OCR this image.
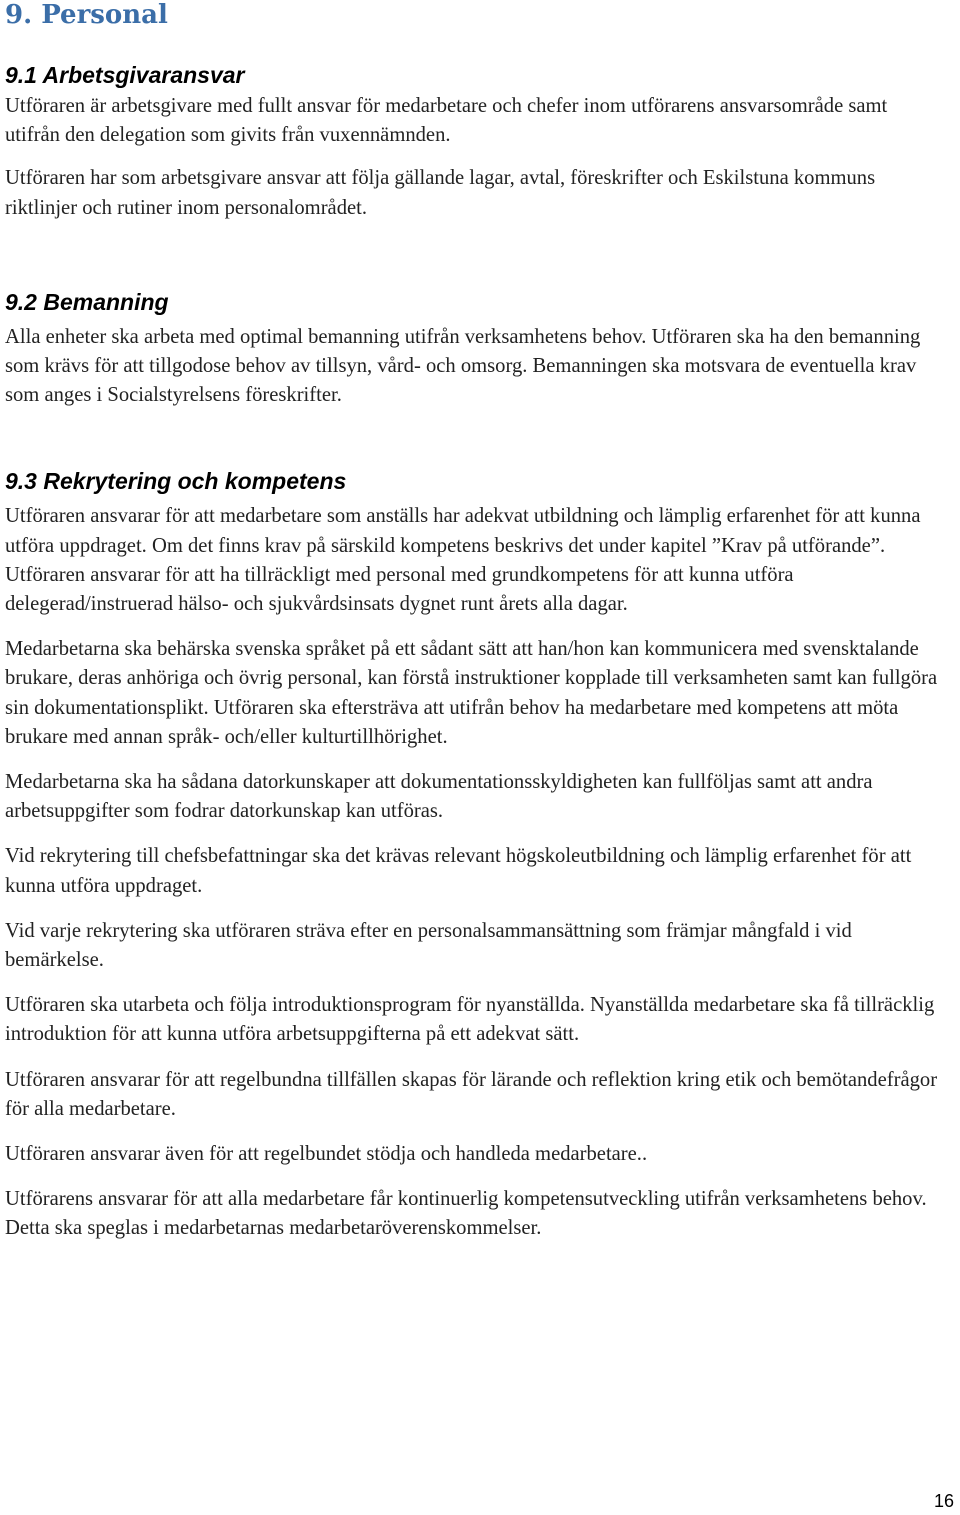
9. Personal
9.1 Arbetsgivaransvar

Utföraren är arbetsgivare med fullt ansvar för medarbetare och chefer inom utförarens ansvarsområde samt utifrån den delegation som givits från vuxennämnden.

Utföraren har som arbetsgivare ansvar att följa gällande lagar, avtal, föreskrifter och Eskilstuna kommuns riktlinjer och rutiner inom personalområdet.

9.2 Bemanning

Alla enheter ska arbeta med optimal bemanning utifrån verksamhetens behov. Utföraren ska ha den bemanning som krävs för att tillgodose behov av tillsyn, vård- och omsorg. Bemanningen ska motsvara de eventuella krav som anges i Socialstyrelsens föreskrifter.

9.3 Rekrytering och kompetens

Utföraren ansvarar för att medarbetare som anställs har adekvat utbildning och lämplig erfarenhet för att kunna utföra uppdraget. Om det finns krav på särskild kompetens beskrivs det under kapitel ”Krav på utförande”. Utföraren ansvarar för att ha tillräckligt med personal med grundkompetens för att kunna utföra delegerad/instruerad hälso- och sjukvårdsinsats dygnet runt årets alla dagar.

Medarbetarna ska behärska svenska språket på ett sådant sätt att han/hon kan kommunicera med svensktalande brukare, deras anhöriga och övrig personal, kan förstå instruktioner kopplade till verksamheten samt kan fullgöra sin dokumentationsplikt. Utföraren ska eftersträva att utifrån behov ha medarbetare med kompetens att möta brukare med annan språk- och/eller kulturtillhörighet.

Medarbetarna ska ha sådana datorkunskaper att dokumentationsskyldigheten kan fullföljas samt att andra arbetsuppgifter som fodrar datorkunskap kan utföras.

Vid rekrytering till chefsbefattningar ska det krävas relevant högskoleutbildning och lämplig erfarenhet för att kunna utföra uppdraget.

Vid varje rekrytering ska utföraren sträva efter en personalsammansättning som främjar mångfald i vid bemärkelse.

Utföraren ska utarbeta och följa introduktionsprogram för nyanställda. Nyanställda medarbetare ska få tillräcklig introduktion för att kunna utföra arbetsuppgifterna på ett adekvat sätt.

Utföraren ansvarar för att regelbundna tillfällen skapas för lärande och reflektion kring etik och bemötandefrågor för alla medarbetare.

Utföraren ansvarar även för att regelbundet stödja och handleda medarbetare..

Utförarens ansvarar för att alla medarbetare får kontinuerlig kompetensutveckling utifrån verksamhetens behov. Detta ska speglas i medarbetarnas medarbetaröverenskommelser.

16
